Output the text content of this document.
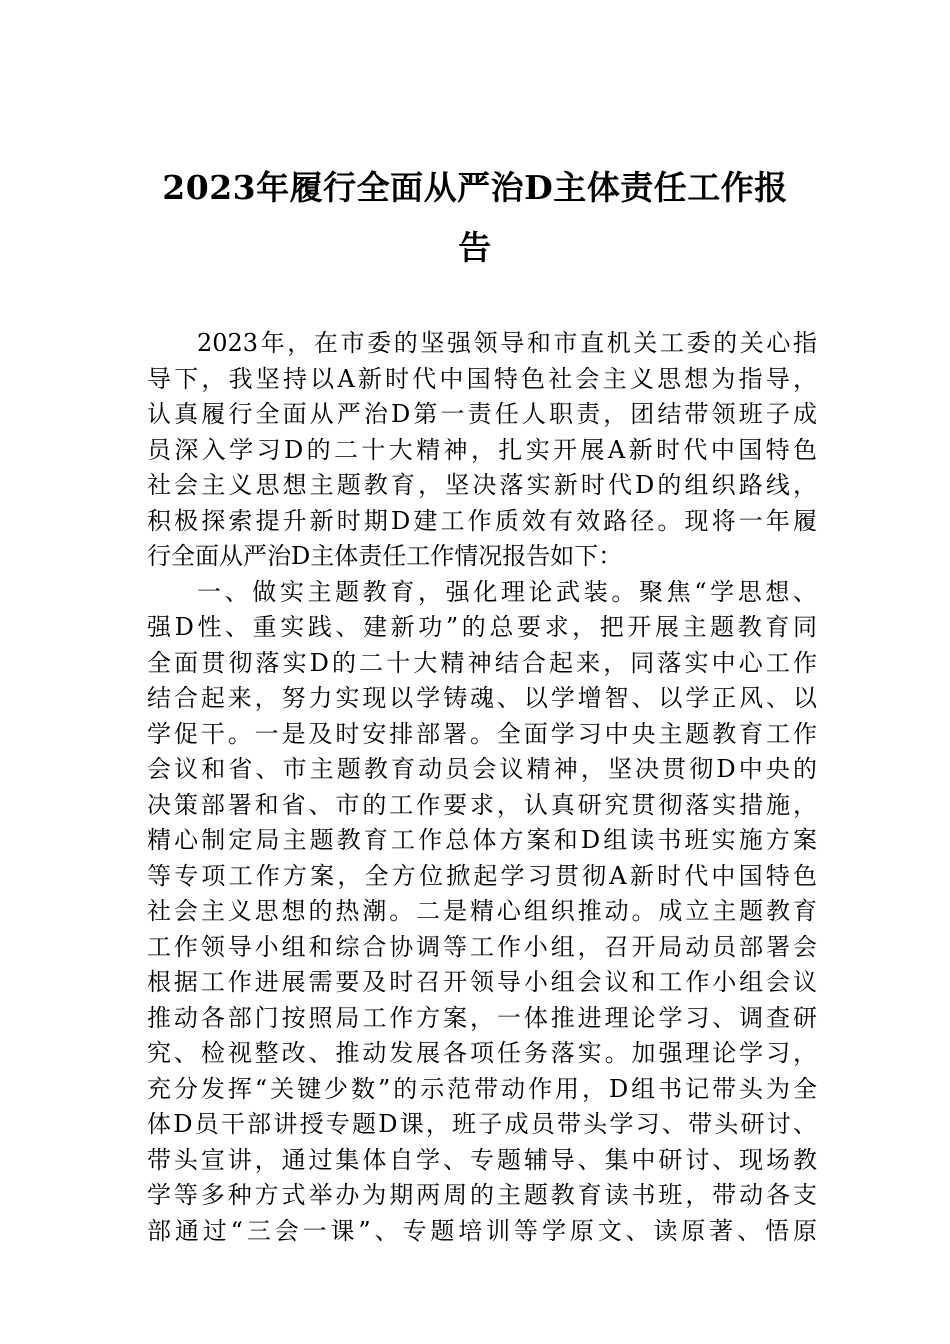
2023年履行全面从严治D主体责任工作报
告
2023年，在市委的坚强领导和市直机关工委的关心指
导下，我坚持以A新时代中国特色社会主义思想为指导，
认真履行全面从严治D第一责任人职责，团结带领班子成
员深入学习D的二十大精神，扎实开展A新时代中国特色
社会主义思想主题教育，坚决落实新时代D的组织路线，
积极探索提升新时期D建工作质效有效路径。现将一年履
行全面从严治D主体责任工作情况报告如下：
一、做实主题教育，强化理论武装。聚焦“学思想、
强D性、重实践、建新功”的总要求，把开展主题教育同
全面贯彻落实D的二十大精神结合起来，同落实中心工作
结合起来，努力实现以学铸魂、以学增智、以学正风、以
学促干。一是及时安排部署。全面学习中央主题教育工作
会议和省、市主题教育动员会议精神，坚决贯彻D中央的
决策部署和省、市的工作要求，认真研究贯彻落实措施，
精心制定局主题教育工作总体方案和D组读书班实施方案
等专项工作方案，全方位掀起学习贯彻A新时代中国特色
社会主义思想的热潮。二是精心组织推动。成立主题教育
工作领导小组和综合协调等工作小组，召开局动员部署会
根据工作进展需要及时召开领导小组会议和工作小组会议
推动各部门按照局工作方案，一体推进理论学习、调查研
究、检视整改、推动发展各项任务落实。加强理论学习，
充分发挥“关键少数”的示范带动作用，D组书记带头为全
体D员干部讲授专题D课，班子成员带头学习、带头研讨、
带头宣讲，通过集体自学、专题辅导、集中研讨、现场教
学等多种方式举办为期两周的主题教育读书班，带动各支
部通过“三会一课”、专题培训等学原文、读原著、悟原
